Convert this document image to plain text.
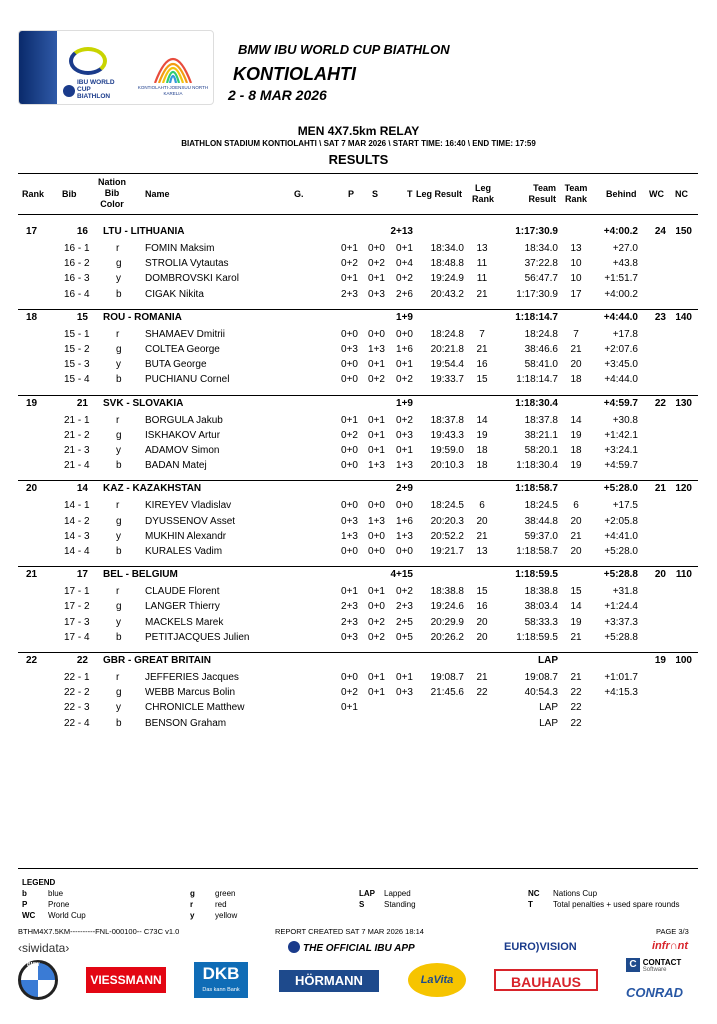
IBU WORLD CUP BIATHLON
KONTIOLAHTI·JOENSUU NORTH KARELIA
BMW IBU WORLD CUP BIATHLON
KONTIOLAHTI
2 - 8 MAR 2026
MEN 4X7.5km RELAY
BIATHLON STADIUM KONTIOLAHTI \ SAT 7 MAR 2026 \ START TIME: 16:40 \ END TIME: 17:59
RESULTS
Rank Bib
Nation
Bib
Color
Name	G.	P S	T Leg Result
Leg
Rank
Team
Result
Team
Rank	Behind WC NC
17	16 LTU - LITHUANIA	2+13	1:17:30.9	+4:00.2	24 150
16 - 1	r	FOMIN Maksim	0+1	0+0	0+1	18:34.0	13	18:34.0	13	+27.0
16 - 2	g	STROLIA Vytautas	0+2	0+2	0+4	18:48.8	11	37:22.8	10	+43.8
16 - 3	y	DOMBROVSKI Karol	0+1	0+1	0+2	19:24.9	11	56:47.7	10	+1:51.7
16 - 4	b	CIGAK Nikita	2+3	0+3	2+6	20:43.2	21	1:17:30.9	17	+4:00.2
18	15 ROU - ROMANIA	1+9	1:18:14.7	+4:44.0	23 140
15 - 1	r	SHAMAEV Dmitrii	0+0	0+0	0+0	18:24.8	7	18:24.8	7	+17.8
15 - 2	g	COLTEA George	0+3	1+3	1+6	20:21.8	21	38:46.6	21	+2:07.6
15 - 3	y	BUTA George	0+0	0+1	0+1	19:54.4	16	58:41.0	20	+3:45.0
15 - 4	b	PUCHIANU Cornel	0+0	0+2	0+2	19:33.7	15	1:18:14.7	18	+4:44.0
19	21 SVK - SLOVAKIA	1+9	1:18:30.4	+4:59.7	22 130
21 - 1	r	BORGULA Jakub	0+1	0+1	0+2	18:37.8	14	18:37.8	14	+30.8
21 - 2	g	ISKHAKOV Artur	0+2	0+1	0+3	19:43.3	19	38:21.1	19	+1:42.1
21 - 3	y	ADAMOV Simon	0+0	0+1	0+1	19:59.0	18	58:20.1	18	+3:24.1
21 - 4	b	BADAN Matej	0+0	1+3	1+3	20:10.3	18	1:18:30.4	19	+4:59.7
20	14 KAZ - KAZAKHSTAN	2+9	1:18:58.7	+5:28.0	21 120
14 - 1	r	KIREYEV Vladislav	0+0	0+0	0+0	18:24.5	6	18:24.5	6	+17.5
14 - 2	g	DYUSSENOV Asset	0+3	1+3	1+6	20:20.3	20	38:44.8	20	+2:05.8
14 - 3	y	MUKHIN Alexandr	1+3	0+0	1+3	20:52.2	21	59:37.0	21	+4:41.0
14 - 4	b	KURALES Vadim	0+0	0+0	0+0	19:21.7	13	1:18:58.7	20	+5:28.0
21	17 BEL - BELGIUM	4+15	1:18:59.5	+5:28.8	20 110
17 - 1	r	CLAUDE Florent	0+1	0+1	0+2	18:38.8	15	18:38.8	15	+31.8
17 - 2	g	LANGER Thierry	2+3	0+0	2+3	19:24.6	16	38:03.4	14	+1:24.4
17 - 3	y	MACKELS Marek	2+3	0+2	2+5	20:29.9	20	58:33.3	19	+3:37.3
17 - 4	b	PETITJACQUES Julien	0+3	0+2	0+5	20:26.2	20	1:18:59.5	21	+5:28.8
22	22 GBR - GREAT BRITAIN	LAP	19 100
22 - 1	r	JEFFERIES Jacques	0+0	0+1	0+1	19:08.7	21	19:08.7	21	+1:01.7
22 - 2	g	WEBB Marcus Bolin	0+2	0+1	0+3	21:45.6	22	40:54.3	22	+4:15.3
22 - 3	y	CHRONICLE Matthew	0+1	LAP	22
22 - 4	b	BENSON Graham	LAP	22
LEGEND
b	blue
P	Prone
WC World Cup
g	green
r	red
y	yellow
LAP Lapped
S Standing
NC Nations Cup
T	Total penalties + used spare rounds
BTHM4X7.5KM----------FNL-000100-- C73C v1.0	REPORT CREATED SAT 7 MAR 2026 18:14	PAGE 3/3
‹siwidata›	THE OFFICIAL IBU APP	EURO)VISION	infr∩nt
BMW
VIESSMANN	DKB
Das kann Bank
HÖRMANN	LaVita	BAUHAUS
C CONTACT
Software
CONRAD
